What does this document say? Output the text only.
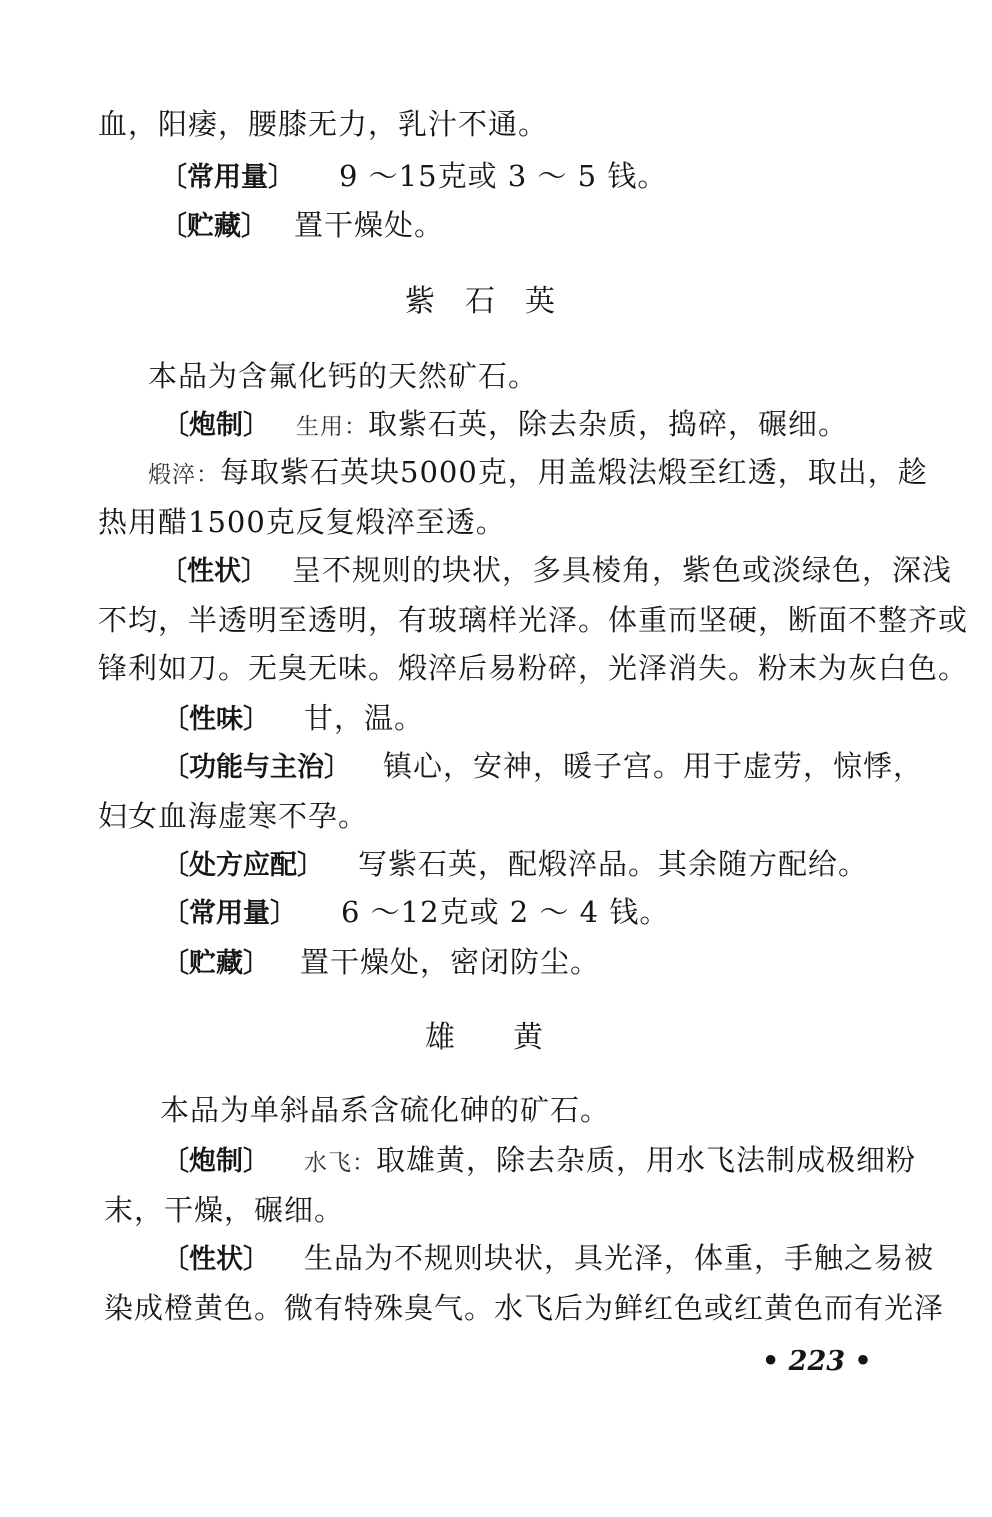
血，阳痿，腰膝无力，乳汁不通。
〔常用量〕 9 ～15克或 3 ～ 5 钱。
〔贮藏〕 置干燥处。
紫 石 英
本品为含氟化钙的天然矿石。
〔炮制〕 生用：取紫石英，除去杂质，捣碎，碾细。
煅淬：每取紫石英块5000克，用盖煅法煅至红透，取出，趁
热用醋1500克反复煅淬至透。
〔性状〕 呈不规则的块状，多具棱角，紫色或淡绿色，深浅
不均，半透明至透明，有玻璃样光泽。体重而坚硬，断面不整齐或
锋利如刀。无臭无味。煅淬后易粉碎，光泽消失。粉末为灰白色。
〔性味〕 甘，温。
〔功能与主治〕 镇心，安神，暖子宫。用于虚劳，惊悸，
妇女血海虚寒不孕。
〔处方应配〕 写紫石英，配煅淬品。其余随方配给。
〔常用量〕 6 ～12克或 2 ～ 4 钱。
〔贮藏〕 置干燥处，密闭防尘。
雄 黄
本品为单斜晶系含硫化砷的矿石。
〔炮制〕 水飞：取雄黄，除去杂质，用水飞法制成极细粉
末，干燥，碾细。
〔性状〕 生品为不规则块状，具光泽，体重，手触之易被
染成橙黄色。微有特殊臭气。水飞后为鲜红色或红黄色而有光泽
• 223 •
